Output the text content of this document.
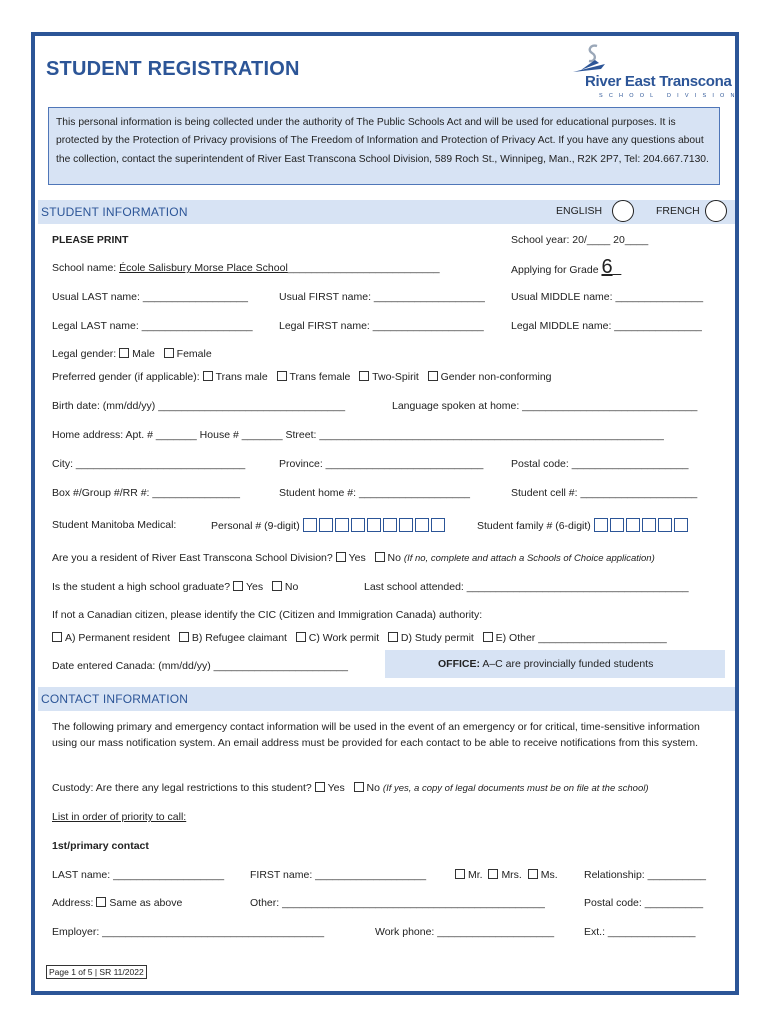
STUDENT REGISTRATION
River East Transcona
SCHOOL DIVISION
This personal information is being collected under the authority of The Public Schools Act and will be used for educational purposes. It is protected by the Protection of Privacy provisions of The Freedom of Information and Protection of Privacy Act. If you have any questions about the collection, contact the superintendent of River East Transcona School Division, 589 Roch St., Winnipeg, Man., R2K 2P7, Tel: 204.667.7130.
STUDENT INFORMATION	ENGLISH	FRENCH
PLEASE PRINT	School year: 20/____ 20____
School name: École Salisbury Morse Place School__________________________	Applying for Grade 6
Usual LAST name: __________________	Usual FIRST name: ___________________ Usual MIDDLE name: _______________
Legal LAST name: ___________________	Legal FIRST name: ___________________	Legal MIDDLE name: _______________
Legal gender: Male Female
Preferred gender (if applicable): Trans male Trans female Two-Spirit Gender non-conforming
Birth date: (mm/dd/yy) ________________________________	Language spoken at home: ______________________________
Home address: Apt. # _______ House # _______ Street: ___________________________________________________________
City: _____________________________	Province: ___________________________	Postal code: ____________________
Box #/Group #/RR #: _______________	Student home #: ___________________	Student cell #: ____________________
Student Manitoba Medical:	Personal # (9-digit)	Student family # (6-digit)
Are you a resident of River East Transcona School Division? Yes No (If no, complete and attach a Schools of Choice application)
Is the student a high school graduate? Yes No	Last school attended: ______________________________________
If not a Canadian citizen, please identify the CIC (Citizen and Immigration Canada) authority:
A) Permanent resident B) Refugee claimant C) Work permit D) Study permit E) Other ______________________
Date entered Canada: (mm/dd/yy) _______________________	OFFICE: A–C are provincially funded students
CONTACT INFORMATION
The following primary and emergency contact information will be used in the event of an emergency or for critical, time-sensitive information using our mass notification system. An email address must be provided for each contact to be able to receive notifications from this system.
Custody: Are there any legal restrictions to this student? Yes No (If yes, a copy of legal documents must be on file at the school)
List in order of priority to call:
1st/primary contact
LAST name: ___________________ FIRST name: ___________________	Mr. Mrs. Ms.	Relationship: __________
Address: Same as above	Other: _____________________________________________	Postal code: __________
Employer: ______________________________________	Work phone: ____________________	Ext.: _______________
Page 1 of 5 | SR 11/2022
